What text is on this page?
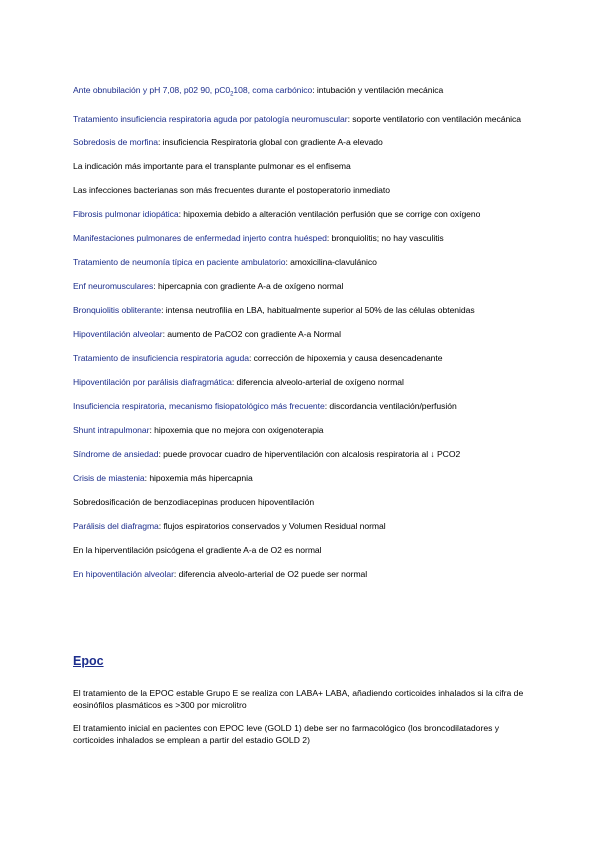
Ante obnubilación y pH 7,08, p02 90, $pC0_2108$, coma carbónico: intubación y ventilación mecánica

Tratamiento insuficiencia respiratoria aguda por patología neuromuscular: soporte ventilatorio con ventilación mecánica

Sobredosis de morfina: insuficiencia Respiratoria global con gradiente A-a elevado

La indicación más importante para el transplante pulmonar es el enfisema

Las infecciones bacterianas son más frecuentes durante el postoperatorio inmediato

Fibrosis pulmonar idiopática: hipoxemia debido a alteración ventilación perfusión que se corrige con oxígeno

Manifestaciones pulmonares de enfermedad injerto contra huésped: bronquiolitis; no hay vasculitis

Tratamiento de neumonía típica en paciente ambulatorio: amoxicilina-clavulánico

Enf neuromusculares: hipercapnia con gradiente A-a de oxígeno normal

Bronquiolitis obliterante: intensa neutrofilia en LBA, habitualmente superior al 50% de las células obtenidas

Hipoventilación alveolar: aumento de PaCO2 con gradiente A-a Normal

Tratamiento de insuficiencia respiratoria aguda: corrección de hipoxemia y causa desencadenante

Hipoventilación por parálisis diafragmática: diferencia alveolo-arterial de oxígeno normal

Insuficiencia respiratoria, mecanismo fisiopatológico más frecuente: discordancia ventilación/perfusión

Shunt intrapulmonar: hipoxemia que no mejora con oxigenoterapia

Síndrome de ansiedad: puede provocar cuadro de hiperventilación con alcalosis respiratoria al ↓ PCO2

Crisis de miastenia: hipoxemia más hipercapnia

Sobredosificación de benzodiacepinas producen hipoventilación

Parálisis del diafragma: flujos espiratorios conservados y Volumen Residual normal

En la hiperventilación psicógena el gradiente A-a de O2 es normal

En hipoventilación alveolar: diferencia alveolo-arterial de O2 puede ser normal

Epoc

El tratamiento de la EPOC estable Grupo E se realiza con LABA+ LABA, añadiendo corticoides inhalados si la cifra de eosinófilos plasmáticos es >300 por microlitro

El tratamiento inicial en pacientes con EPOC leve (GOLD 1) debe ser no farmacológico (los broncodilatadores y corticoides inhalados se emplean a partir del estadio GOLD 2)
